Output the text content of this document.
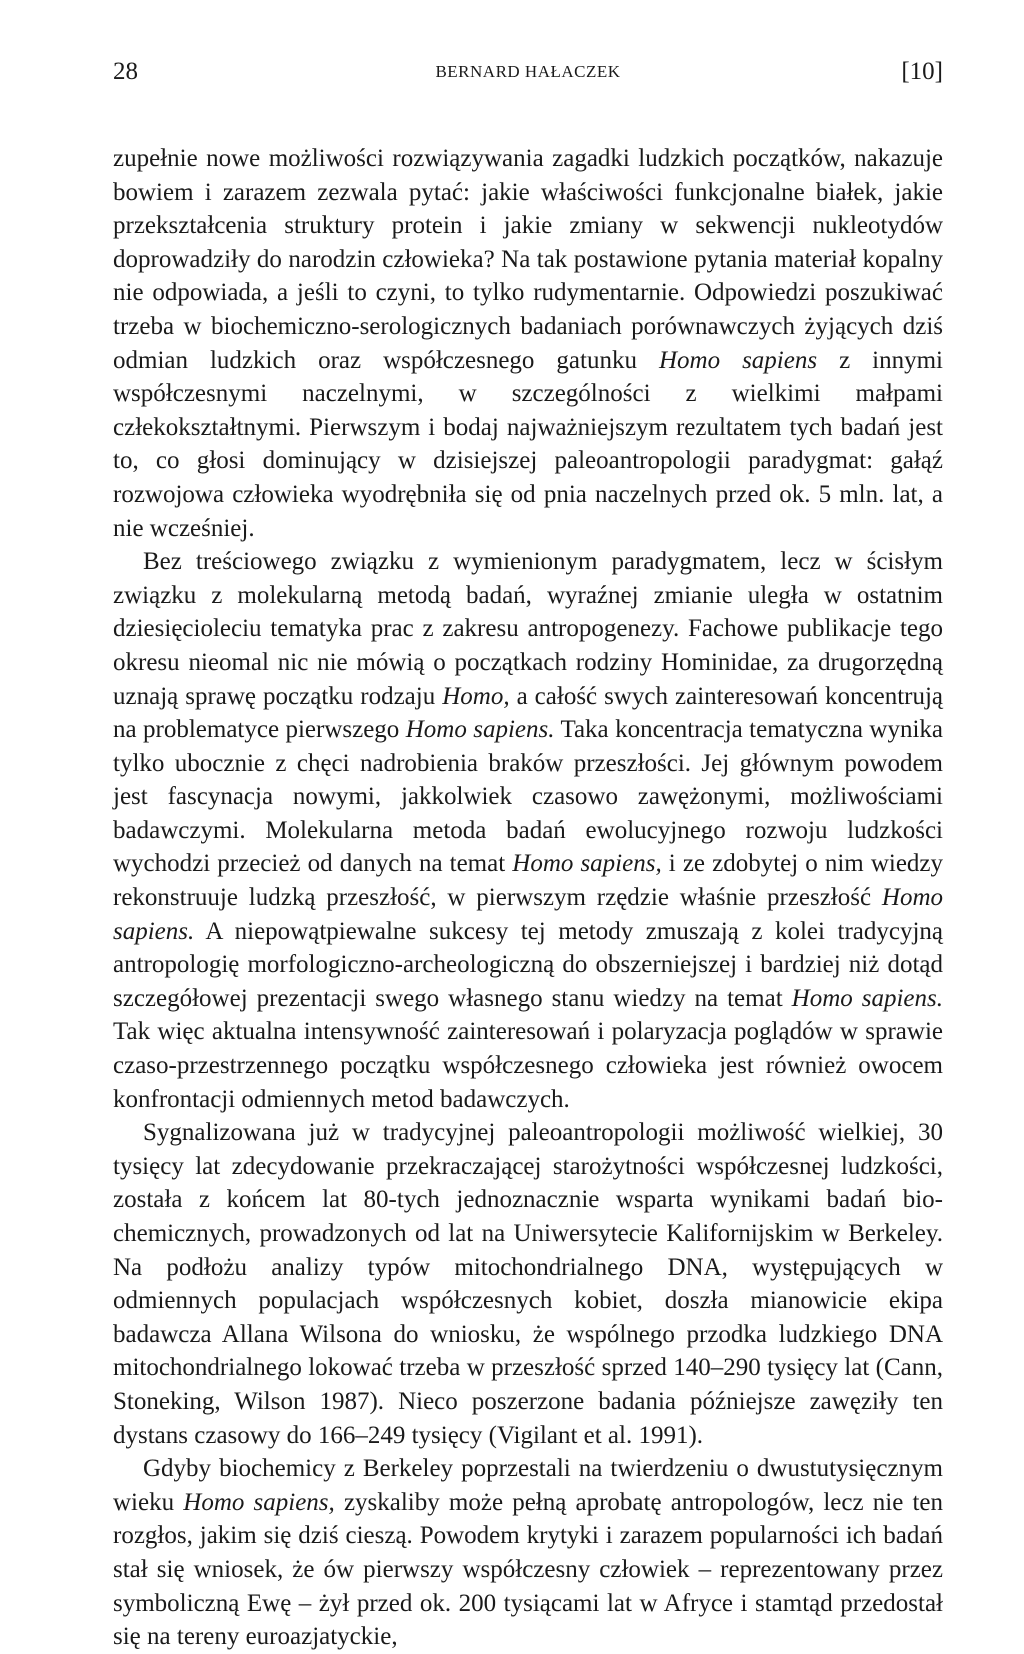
28	BERNARD HAŁACZEK	[10]

zupełnie nowe możliwości rozwiązywania zagadki ludzkich początków, nakazuje bowiem i zarazem zezwala pytać: jakie właściwości funkcjonalne białek, jakie przekształcenia struktury protein i jakie zmiany w sekwencji nukleotydów doprowadziły do narodzin człowieka? Na tak postawione pytania materiał kopalny nie odpowiada, a jeśli to czyni, to tylko rudymentarnie. Odpowiedzi poszukiwać trzeba w biochemiczno-serologicznych badaniach porównawczych żyjących dziś odmian ludzkich oraz współczesnego gatunku Homo sapiens z innymi współczesnymi naczelnymi, w szczególności z wielkimi małpami człekokształtnymi. Pierwszym i bodaj najważniejszym rezultatem tych badań jest to, co głosi dominujący w dzisiejszej paleoantropologii paradygmat: gałąź rozwojowa człowieka wyodrębniła się od pnia naczelnych przed ok. 5 mln. lat, a nie wcześniej.

Bez treściowego związku z wymienionym paradygmatem, lecz w ścisłym związku z molekularną metodą badań, wyraźnej zmianie uległa w ostatnim dziesięcioleciu tematyka prac z zakresu antropogenezy. Fachowe publikacje tego okresu nieomal nic nie mówią o początkach rodziny Hominidae, za drugorzędną uznają sprawę początku rodzaju Homo, a całość swych zainteresowań koncentrują na problematyce pierwszego Homo sapiens. Taka koncentracja tematyczna wynika tylko ubocznie z chęci nadrobienia braków przeszłości. Jej głównym powodem jest fascynacja nowymi, jakkolwiek czasowo zawężonymi, możliwościami badawczymi. Molekularna metoda badań ewolucyjnego rozwoju ludzkości wychodzi przecież od danych na temat Homo sapiens, i ze zdobytej o nim wiedzy rekonstruuje ludzką przeszłość, w pierwszym rzędzie właśnie przeszłość Homo sapiens. A niepowątpiewalne sukcesy tej metody zmuszają z kolei tradycyjną antropologię morfologiczno-archeologiczną do obszerniejszej i bardziej niż dotąd szczegółowej prezentacji swego własnego stanu wiedzy na temat Homo sapiens. Tak więc aktualna intensywność zainteresowań i polaryzacja poglądów w sprawie czaso-przestrzennego początku współczesnego człowieka jest również owocem konfrontacji odmiennych metod badawczych.

Sygnalizowana już w tradycyjnej paleoantropologii możliwość wielkiej, 30 tysięcy lat zdecydowanie przekraczającej starożytności współczesnej ludzkości, została z końcem lat 80-tych jednoznacznie wsparta wynikami badań biochemicznych, prowadzonych od lat na Uniwersytecie Kalifornijskim w Berkeley. Na podłożu analizy typów mitochondrialnego DNA, występujących w odmiennych populacjach współczesnych kobiet, doszła mianowicie ekipa badawcza Allana Wilsona do wniosku, że wspólnego przodka ludzkiego DNA mitochondrialnego lokować trzeba w przeszłość sprzed 140–290 tysięcy lat (Cann, Stoneking, Wilson 1987). Nieco poszerzone badania późniejsze zawęziły ten dystans czasowy do 166–249 tysięcy (Vigilant et al. 1991).

Gdyby biochemicy z Berkeley poprzestali na twierdzeniu o dwustutysięcznym wieku Homo sapiens, zyskaliby może pełną aprobatę antropologów, lecz nie ten rozgłos, jakim się dziś cieszą. Powodem krytyki i zarazem popularności ich badań stał się wniosek, że ów pierwszy współczesny człowiek – reprezentowany przez symboliczną Ewę – żył przed ok. 200 tysiącami lat w Afryce i stamtąd przedostał się na tereny euroazjatyckie,
